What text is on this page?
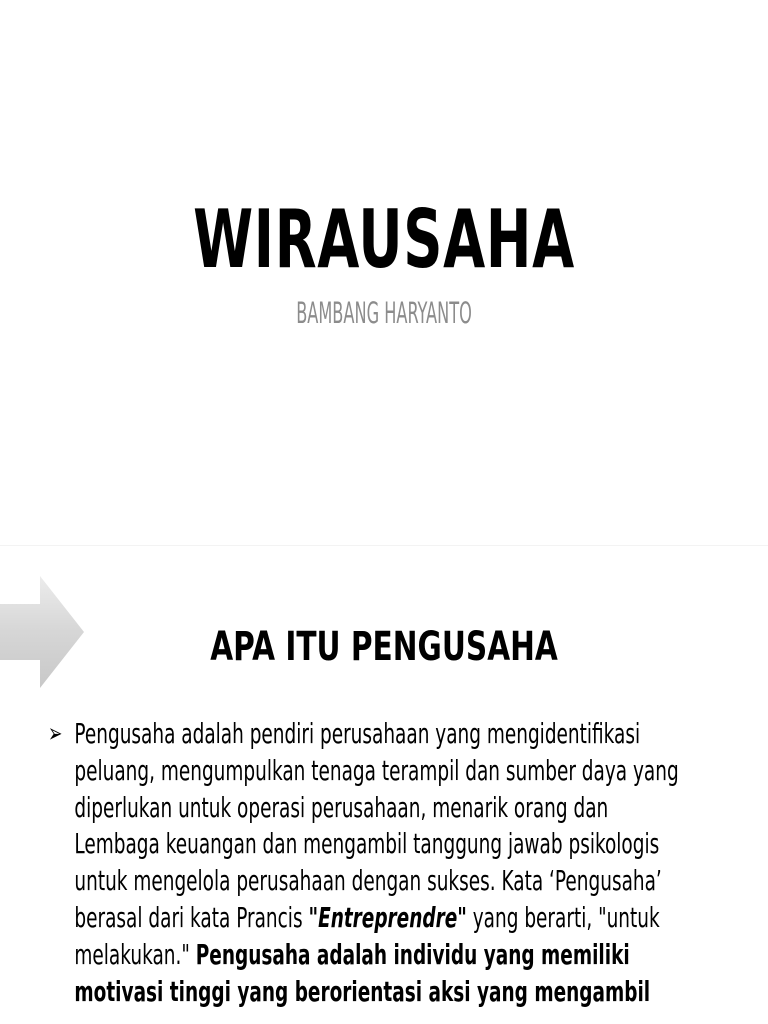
WIRAUSAHA
BAMBANG HARYANTO
APA ITU PENGUSAHA
➢ Pengusaha adalah pendiri perusahaan yang mengidentifikasi peluang, mengumpulkan tenaga terampil dan sumber daya yang diperlukan untuk operasi perusahaan, menarik orang dan Lembaga keuangan dan mengambil tanggung jawab psikologis untuk mengelola perusahaan dengan sukses. Kata ‘Pengusaha’ berasal dari kata Prancis "Entreprendre" yang berarti, "untuk melakukan." Pengusaha adalah individu yang memiliki motivasi tinggi yang berorientasi aksi yang mengambil
